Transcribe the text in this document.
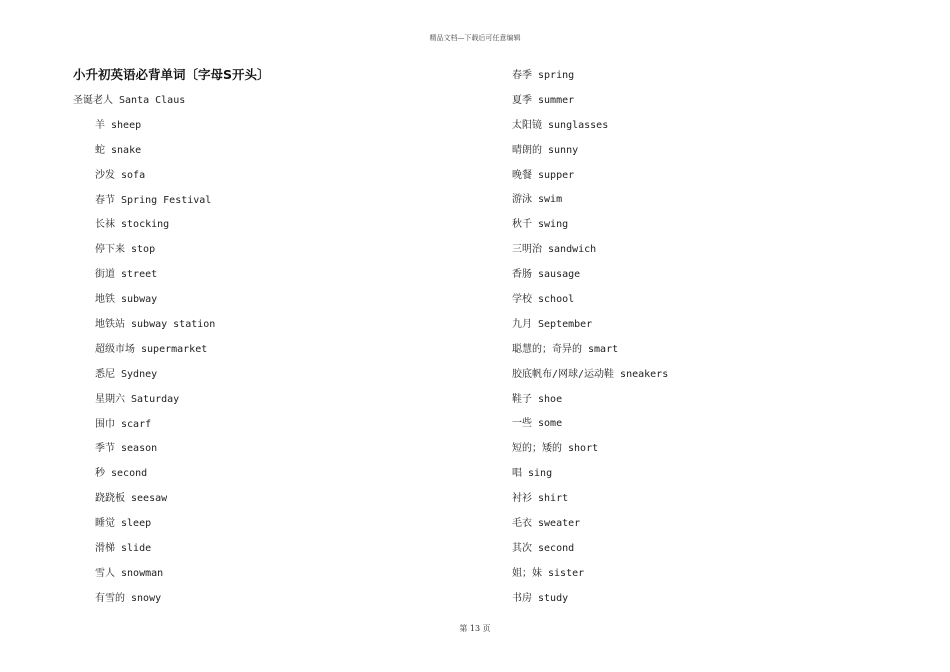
精品文档—下载后可任意编辑
小升初英语必背单词〔字母S开头〕
圣诞老人 Santa Claus
羊 sheep
蛇 snake
沙发 sofa
春节 Spring Festival
长袜 stocking
停下来 stop
街道 street
地铁 subway
地铁站 subway station
超级市场 supermarket
悉尼 Sydney
星期六 Saturday
围巾 scarf
季节 season
秒 second
跷跷板 seesaw
睡觉 sleep
滑梯 slide
雪人 snowman
有雪的 snowy
春季 spring
夏季 summer
太阳镜 sunglasses
晴朗的 sunny
晚餐 supper
游泳 swim
秋千 swing
三明治 sandwich
香肠 sausage
学校 school
九月 September
聪慧的；奇异的 smart
胶底帆布/网球/运动鞋 sneakers
鞋子 shoe
一些 some
短的；矮的 short
唱 sing
衬衫 shirt
毛衣 sweater
其次 second
姐；妹 sister
书房 study
第 13 页
